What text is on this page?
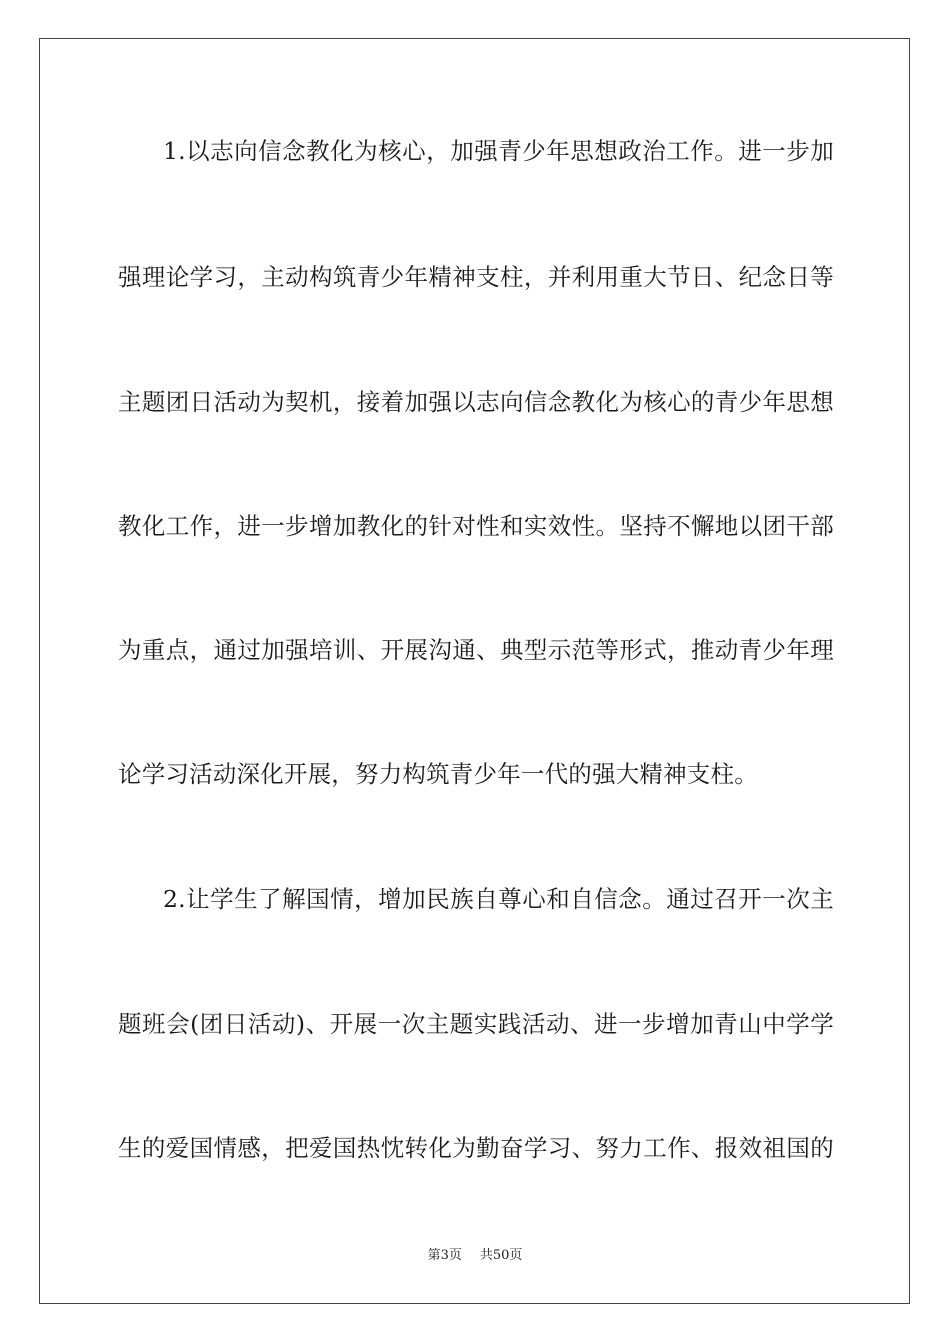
1.以志向信念教化为核心，加强青少年思想政治工作。进一步加
强理论学习，主动构筑青少年精神支柱，并利用重大节日、纪念日等
主题团日活动为契机，接着加强以志向信念教化为核心的青少年思想
教化工作，进一步增加教化的针对性和实效性。坚持不懈地以团干部
为重点，通过加强培训、开展沟通、典型示范等形式，推动青少年理
论学习活动深化开展，努力构筑青少年一代的强大精神支柱。
2.让学生了解国情，增加民族自尊心和自信念。通过召开一次主
题班会(团日活动)、开展一次主题实践活动、进一步增加青山中学学
生的爱国情感，把爱国热忱转化为勤奋学习、努力工作、报效祖国的
第3页 共50页
